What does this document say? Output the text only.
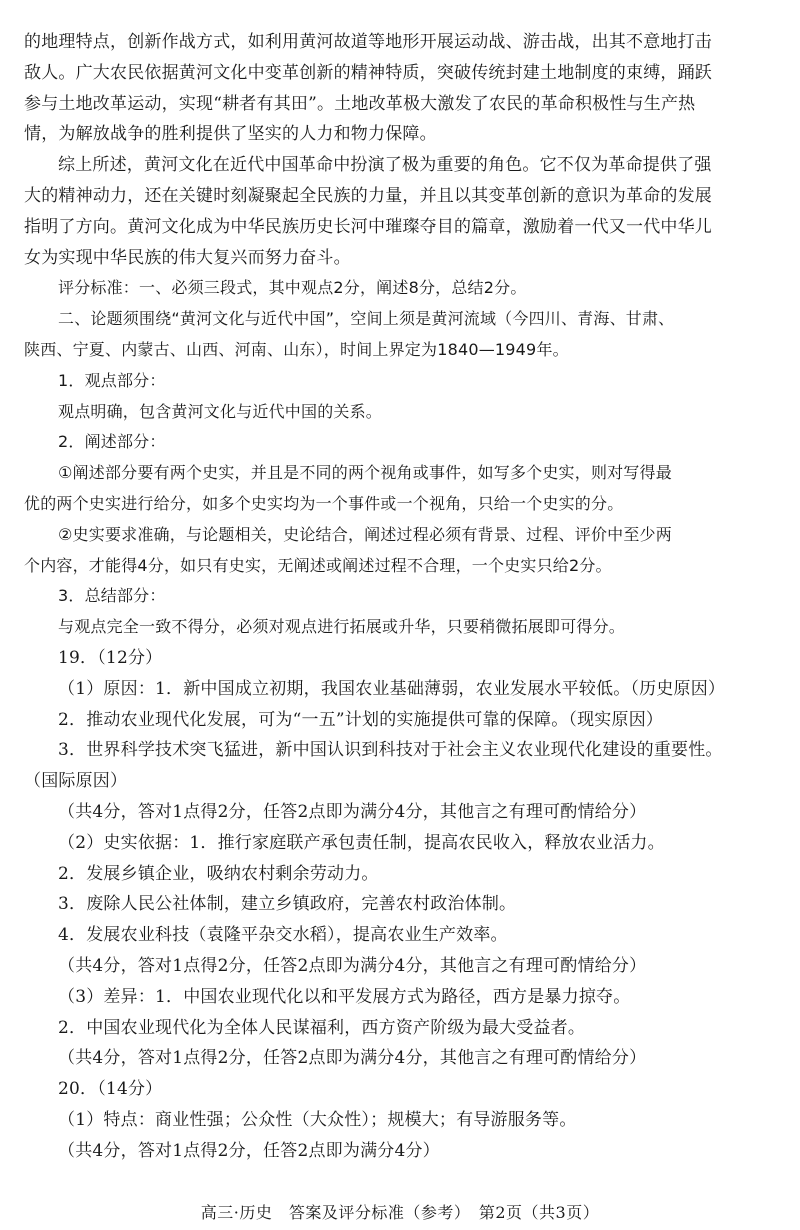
的地理特点，创新作战方式，如利用黄河故道等地形开展运动战、游击战，出其不意地打击
敌人。广大农民依据黄河文化中变革创新的精神特质，突破传统封建土地制度的束缚，踊跃
参与土地改革运动，实现“耕者有其田”。土地改革极大激发了农民的革命积极性与生产热
情，为解放战争的胜利提供了坚实的人力和物力保障。
综上所述，黄河文化在近代中国革命中扮演了极为重要的角色。它不仅为革命提供了强
大的精神动力，还在关键时刻凝聚起全民族的力量，并且以其变革创新的意识为革命的发展
指明了方向。黄河文化成为中华民族历史长河中璀璨夺目的篇章，激励着一代又一代中华儿
女为实现中华民族的伟大复兴而努力奋斗。
评分标准：一、必须三段式，其中观点2分，阐述8分，总结2分。
二、论题须围绕“黄河文化与近代中国”，空间上须是黄河流域（今四川、青海、甘肃、
陕西、宁夏、内蒙古、山西、河南、山东），时间上界定为1840—1949年。
1．观点部分：
观点明确，包含黄河文化与近代中国的关系。
2．阐述部分：
①阐述部分要有两个史实，并且是不同的两个视角或事件，如写多个史实，则对写得最
优的两个史实进行给分，如多个史实均为一个事件或一个视角，只给一个史实的分。
②史实要求准确，与论题相关，史论结合，阐述过程必须有背景、过程、评价中至少两
个内容，才能得4分，如只有史实，无阐述或阐述过程不合理，一个史实只给2分。
3．总结部分：
与观点完全一致不得分，必须对观点进行拓展或升华，只要稍微拓展即可得分。
19．（12分）
（1）原因：1．新中国成立初期，我国农业基础薄弱，农业发展水平较低。（历史原因）
2．推动农业现代化发展，可为“一五”计划的实施提供可靠的保障。（现实原因）
3．世界科学技术突飞猛进，新中国认识到科技对于社会主义农业现代化建设的重要性。
（国际原因）
（共4分，答对1点得2分，任答2点即为满分4分，其他言之有理可酌情给分）
（2）史实依据：1．推行家庭联产承包责任制，提高农民收入，释放农业活力。
2．发展乡镇企业，吸纳农村剩余劳动力。
3．废除人民公社体制，建立乡镇政府，完善农村政治体制。
4．发展农业科技（袁隆平杂交水稻），提高农业生产效率。
（共4分，答对1点得2分，任答2点即为满分4分，其他言之有理可酌情给分）
（3）差异：1．中国农业现代化以和平发展方式为路径，西方是暴力掠夺。
2．中国农业现代化为全体人民谋福利，西方资产阶级为最大受益者。
（共4分，答对1点得2分，任答2点即为满分4分，其他言之有理可酌情给分）
20．（14分）
（1）特点：商业性强；公众性（大众性）；规模大；有导游服务等。
（共4分，答对1点得2分，任答2点即为满分4分）
高三·历史　答案及评分标准（参考）　第2页（共3页）
